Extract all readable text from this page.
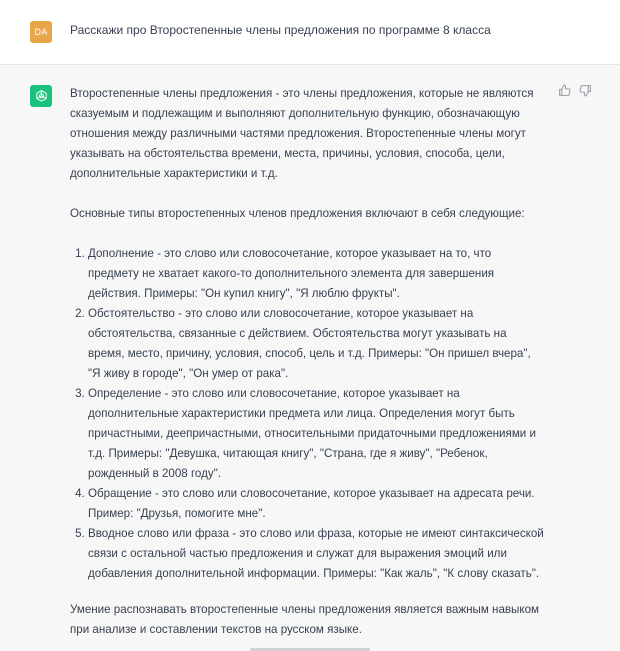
DA	Расскажи про Второстепенные члены предложения по программе 8 класса

Второстепенные члены предложения - это члены предложения, которые не являются сказуемым и подлежащим и выполняют дополнительную функцию, обозначающую отношения между различными частями предложения. Второстепенные члены могут указывать на обстоятельства времени, места, причины, условия, способа, цели, дополнительные характеристики и т.д.

Основные типы второстепенных членов предложения включают в себя следующие:

1. Дополнение - это слово или словосочетание, которое указывает на то, что предмету не хватает какого-то дополнительного элемента для завершения действия. Примеры: "Он купил книгу", "Я люблю фрукты".
2. Обстоятельство - это слово или словосочетание, которое указывает на обстоятельства, связанные с действием. Обстоятельства могут указывать на время, место, причину, условия, способ, цель и т.д. Примеры: "Он пришел вчера", "Я живу в городе", "Он умер от рака".
3. Определение - это слово или словосочетание, которое указывает на дополнительные характеристики предмета или лица. Определения могут быть причастными, деепричастными, относительными придаточными предложениями и т.д. Примеры: "Девушка, читающая книгу", "Страна, где я живу", "Ребенок, рожденный в 2008 году".
4. Обращение - это слово или словосочетание, которое указывает на адресата речи. Пример: "Друзья, помогите мне".
5. Вводное слово или фраза - это слово или фраза, которые не имеют синтаксической связи с остальной частью предложения и служат для выражения эмоций или добавления дополнительной информации. Примеры: "Как жаль", "К слову сказать".

Умение распознавать второстепенные члены предложения является важным навыком при анализе и составлении текстов на русском языке.
